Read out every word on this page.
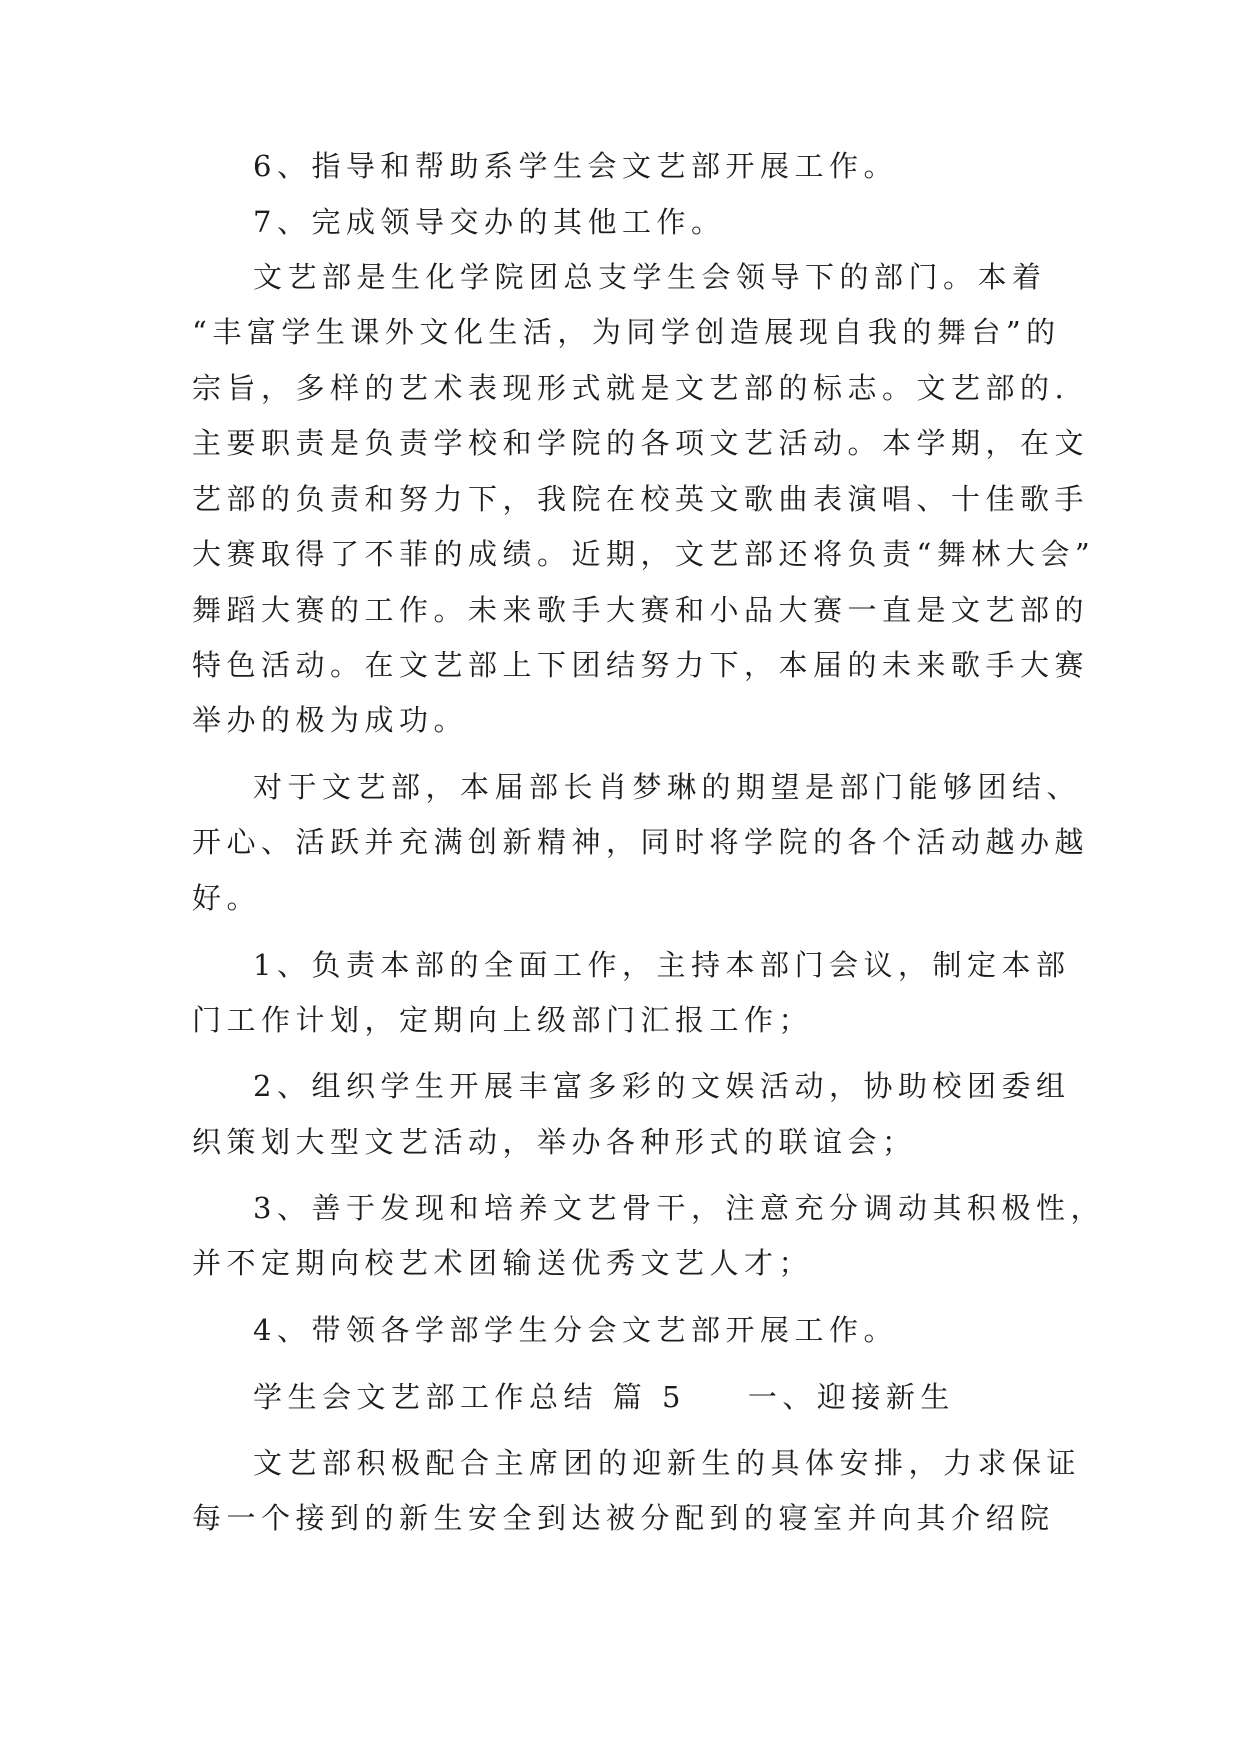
6、指导和帮助系学生会文艺部开展工作。
7、完成领导交办的其他工作。
文艺部是生化学院团总支学生会领导下的部门。本着
“丰富学生课外文化生活，为同学创造展现自我的舞台”的
宗旨，多样的艺术表现形式就是文艺部的标志。文艺部的.
主要职责是负责学校和学院的各项文艺活动。本学期，在文
艺部的负责和努力下，我院在校英文歌曲表演唱、十佳歌手
大赛取得了不菲的成绩。近期，文艺部还将负责“舞林大会”
舞蹈大赛的工作。未来歌手大赛和小品大赛一直是文艺部的
特色活动。在文艺部上下团结努力下，本届的未来歌手大赛
举办的极为成功。
对于文艺部，本届部长肖梦琳的期望是部门能够团结、
开心、活跃并充满创新精神，同时将学院的各个活动越办越
好。
1、负责本部的全面工作，主持本部门会议，制定本部
门工作计划，定期向上级部门汇报工作；
2、组织学生开展丰富多彩的文娱活动，协助校团委组
织策划大型文艺活动，举办各种形式的联谊会；
3、善于发现和培养文艺骨干，注意充分调动其积极性，
并不定期向校艺术团输送优秀文艺人才；
4、带领各学部学生分会文艺部开展工作。
学生会文艺部工作总结 篇 5 一、迎接新生
文艺部积极配合主席团的迎新生的具体安排，力求保证
每一个接到的新生安全到达被分配到的寝室并向其介绍院
